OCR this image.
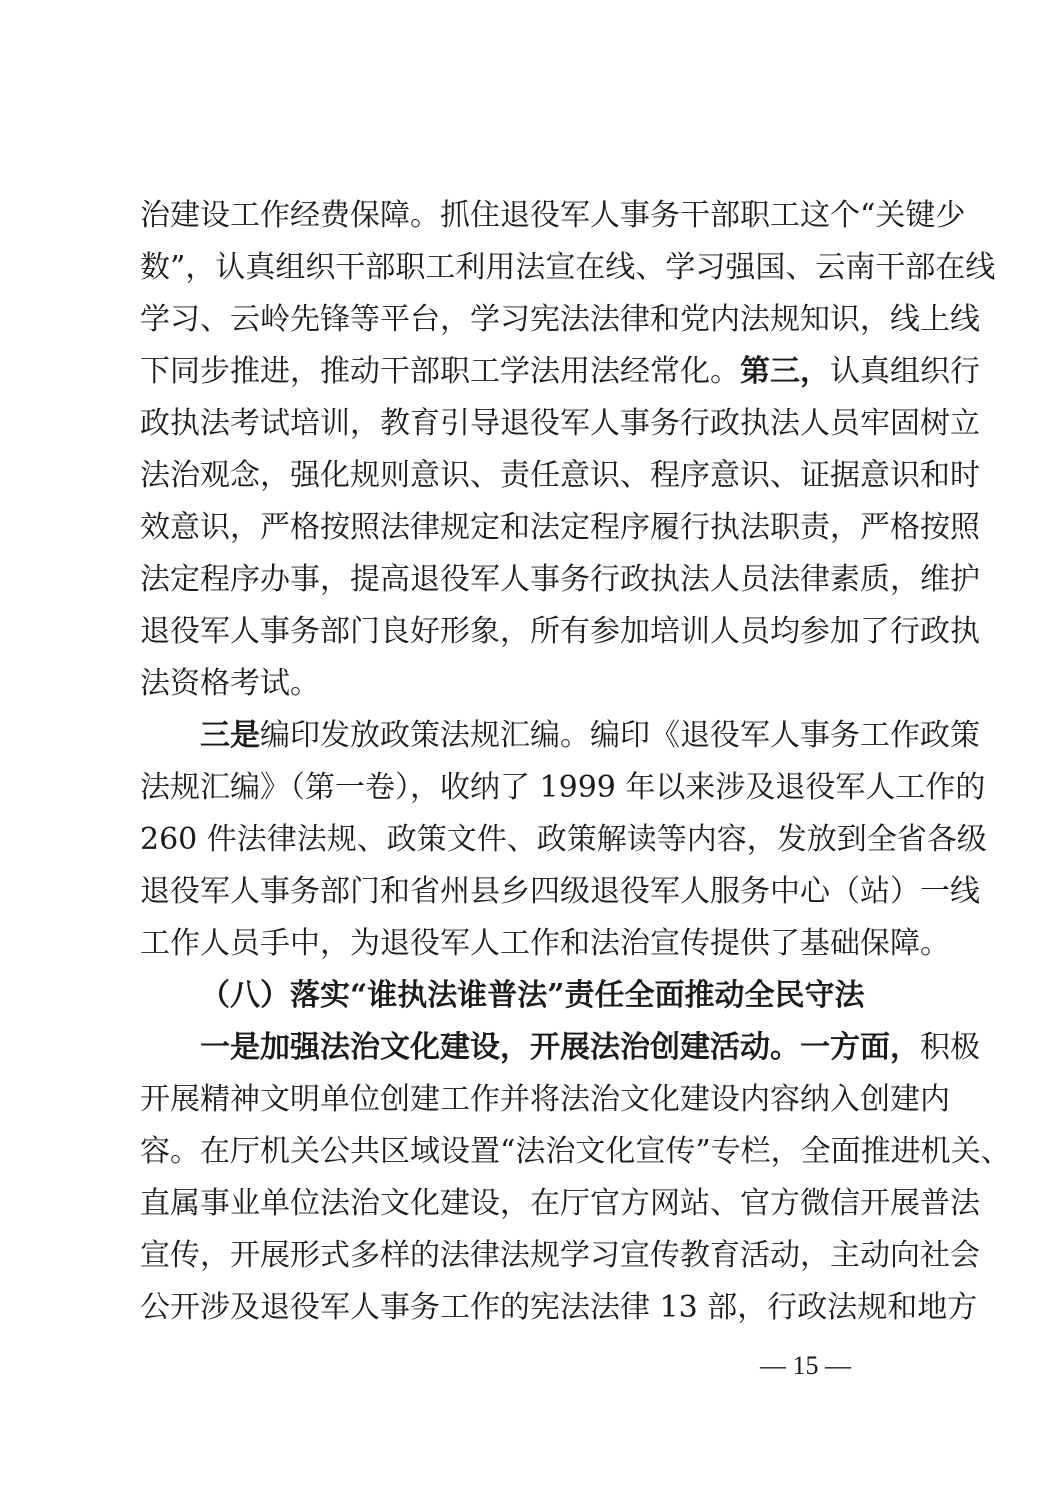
治建设工作经费保障。抓住退役军人事务干部职工这个“关键少
数”，认真组织干部职工利用法宣在线、学习强国、云南干部在线
学习、云岭先锋等平台，学习宪法法律和党内法规知识，线上线
下同步推进，推动干部职工学法用法经常化。第三，认真组织行
政执法考试培训，教育引导退役军人事务行政执法人员牢固树立
法治观念，强化规则意识、责任意识、程序意识、证据意识和时
效意识，严格按照法律规定和法定程序履行执法职责，严格按照
法定程序办事，提高退役军人事务行政执法人员法律素质，维护
退役军人事务部门良好形象，所有参加培训人员均参加了行政执
法资格考试。
三是编印发放政策法规汇编。编印《退役军人事务工作政策
法规汇编》（第一卷），收纳了 1999 年以来涉及退役军人工作的
260 件法律法规、政策文件、政策解读等内容，发放到全省各级
退役军人事务部门和省州县乡四级退役军人服务中心（站）一线
工作人员手中，为退役军人工作和法治宣传提供了基础保障。
（八）落实“谁执法谁普法”责任全面推动全民守法
一是加强法治文化建设，开展法治创建活动。一方面，积极
开展精神文明单位创建工作并将法治文化建设内容纳入创建内
容。在厅机关公共区域设置“法治文化宣传”专栏，全面推进机关、
直属事业单位法治文化建设，在厅官方网站、官方微信开展普法
宣传，开展形式多样的法律法规学习宣传教育活动，主动向社会
公开涉及退役军人事务工作的宪法法律 13 部，行政法规和地方
— 15 —
